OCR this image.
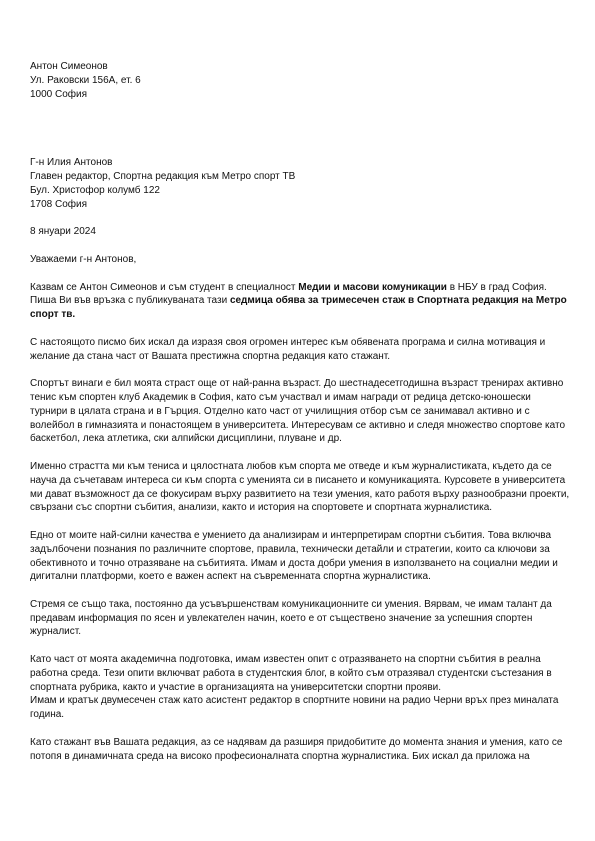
Антон Симеонов
Ул. Раковски 156А, ет. 6
1000 София
Г-н Илия Антонов
Главен редактор, Спортна редакция към Метро спорт ТВ
Бул. Христофор колумб 122
1708 София

8 януари 2024

Уважаеми г-н Антонов,

Казвам се Антон Симеонов и съм студент в специалност Медии и масови комуникации в НБУ в град София. Пиша Ви във връзка с публикуваната тази седмица обява за тримесечен стаж в Спортната редакция на Метро спорт тв.

С настоящото писмо бих искал да изразя своя огромен интерес към обявената програма и силна мотивация и желание да стана част от Вашата престижна спортна редакция като стажант.

Спортът винаги е бил моята страст още от най-ранна възраст. До шестнадесетгодишна възраст тренирах активно тенис към спортен клуб Академик в София, като съм участвал и имам награди от редица детско-юношески турнири в цялата страна и в Гърция. Отделно като част от училищния отбор съм се занимавал активно и с волейбол в гимназията и понастоящем в университета. Интересувам се активно и следя множество спортове като баскетбол, лека атлетика, ски алпийски дисциплини, плуване и др.

Именно страстта ми към тениса и цялостната любов към спорта ме отведе и към журналистиката, където да се науча да съчетавам интереса си към спорта с уменията си в писането и комуникацията. Курсовете в университета ми дават възможност да се фокусирам върху развитието на тези умения, като работя върху разнообразни проекти, свързани със спортни събития, анализи, както и история на спортовете и спортната журналистика.

Едно от моите най-силни качества е умението да анализирам и интерпретирам спортни събития. Това включва задълбочени познания по различните спортове, правила, технически детайли и стратегии, които са ключови за обективното и точно отразяване на събитията. Имам и доста добри умения в използването на социални медии и дигитални платформи, което е важен аспект на съвременната спортна журналистика.

Стремя се също така, постоянно да усъвършенствам комуникационните си умения. Вярвам, че имам талант да предавам информация по ясен и увлекателен начин, което е от съществено значение за успешния спортен журналист.

Като част от моята академична подготовка, имам известен опит с отразяването на спортни събития в реална работна среда. Тези опити включват работа в студентския блог, в който съм отразявал студентски състезания в спортната рубрика, както и участие в организацията на университетски спортни прояви.

Имам и кратък двумесечен стаж като асистент редактор в спортните новини на радио Черни връх през миналата година.

Като стажант във Вашата редакция, аз се надявам да разширя придобитите до момента знания и умения, като се потопя в динамичната среда на високо професионалната спортна журналистика. Бих искал да приложа на
